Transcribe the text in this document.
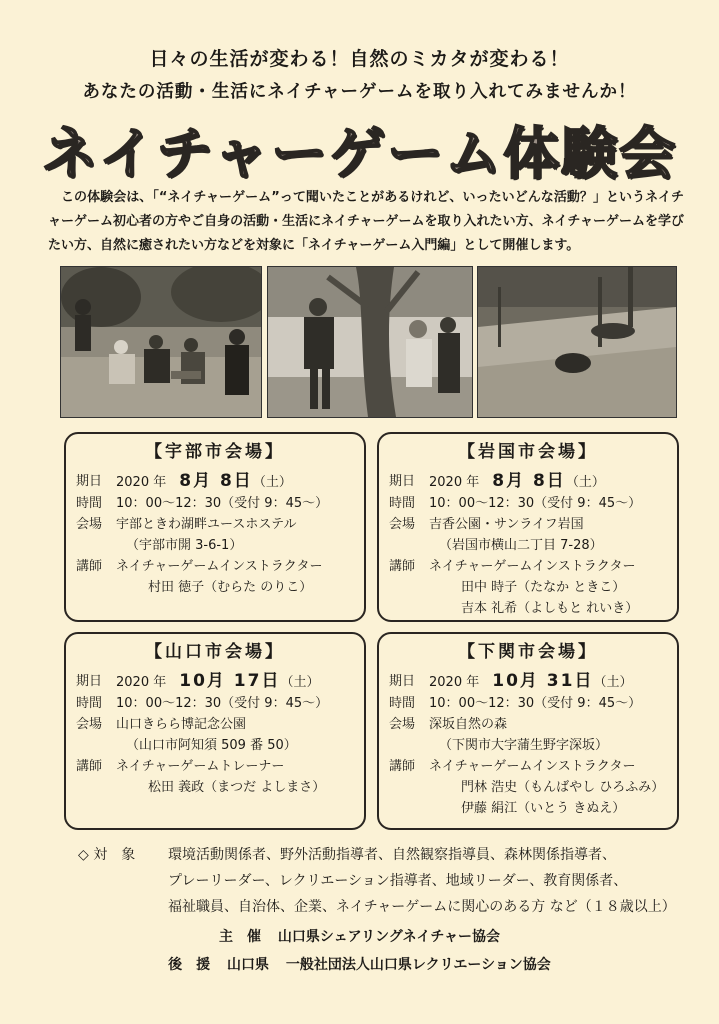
日々の生活が変わる！自然のミカタが変わる！
あなたの活動・生活にネイチャーゲームを取り入れてみませんか！
ネイチャーゲーム体験会
この体験会は、「“ネイチャーゲーム”って聞いたことがあるけれど、いったいどんな活動？」というネイチャーゲーム初心者の方やご自身の活動・生活にネイチャーゲームを取り入れたい方、ネイチャーゲームを学びたい方、自然に癒されたい方などを対象に「ネイチャーゲーム入門編」として開催します。
【宇部市会場】
期日	2020 年　 8月 8日（土）
時間	10：00～12：30（受付 9：45～）
会場	宇部ときわ湖畔ユースホステル
（宇部市開 3-6-1）
講師	ネイチャーゲームインストラクター
村田 徳子（むらた のりこ）
【岩国市会場】
期日	2020 年　 8月 8日（土）
時間	10：00～12：30（受付 9：45～）
会場	吉香公園・サンライフ岩国
（岩国市横山二丁目 7-28）
講師	ネイチャーゲームインストラクター
田中 時子（たなか ときこ）
吉本 礼希（よしもと れいき）
【山口市会場】
期日	2020 年　 10月 17日（土）
時間	10：00～12：30（受付 9：45～）
会場	山口きらら博記念公園
（山口市阿知須 509 番 50）
講師	ネイチャーゲームトレーナー
松田 義政（まつだ よしまさ）
【下関市会場】
期日	2020 年　 10月 31日（土）
時間	10：00～12：30（受付 9：45～）
会場	深坂自然の森
（下関市大字蒲生野字深坂）
講師	ネイチャーゲームインストラクター
門林 浩史（もんばやし ひろふみ）
伊藤 絹江（いとう きぬえ）
◇ 対　象	環境活動関係者、野外活動指導者、自然観察指導員、森林関係指導者、
プレーリーダー、レクリエーション指導者、地域リーダー、教育関係者、
福祉職員、自治体、企業、ネイチャーゲームに関心のある方 など（１８歳以上）
主　催 山口県シェアリングネイチャー協会
後　援 山口県 一般社団法人山口県レクリエーション協会
